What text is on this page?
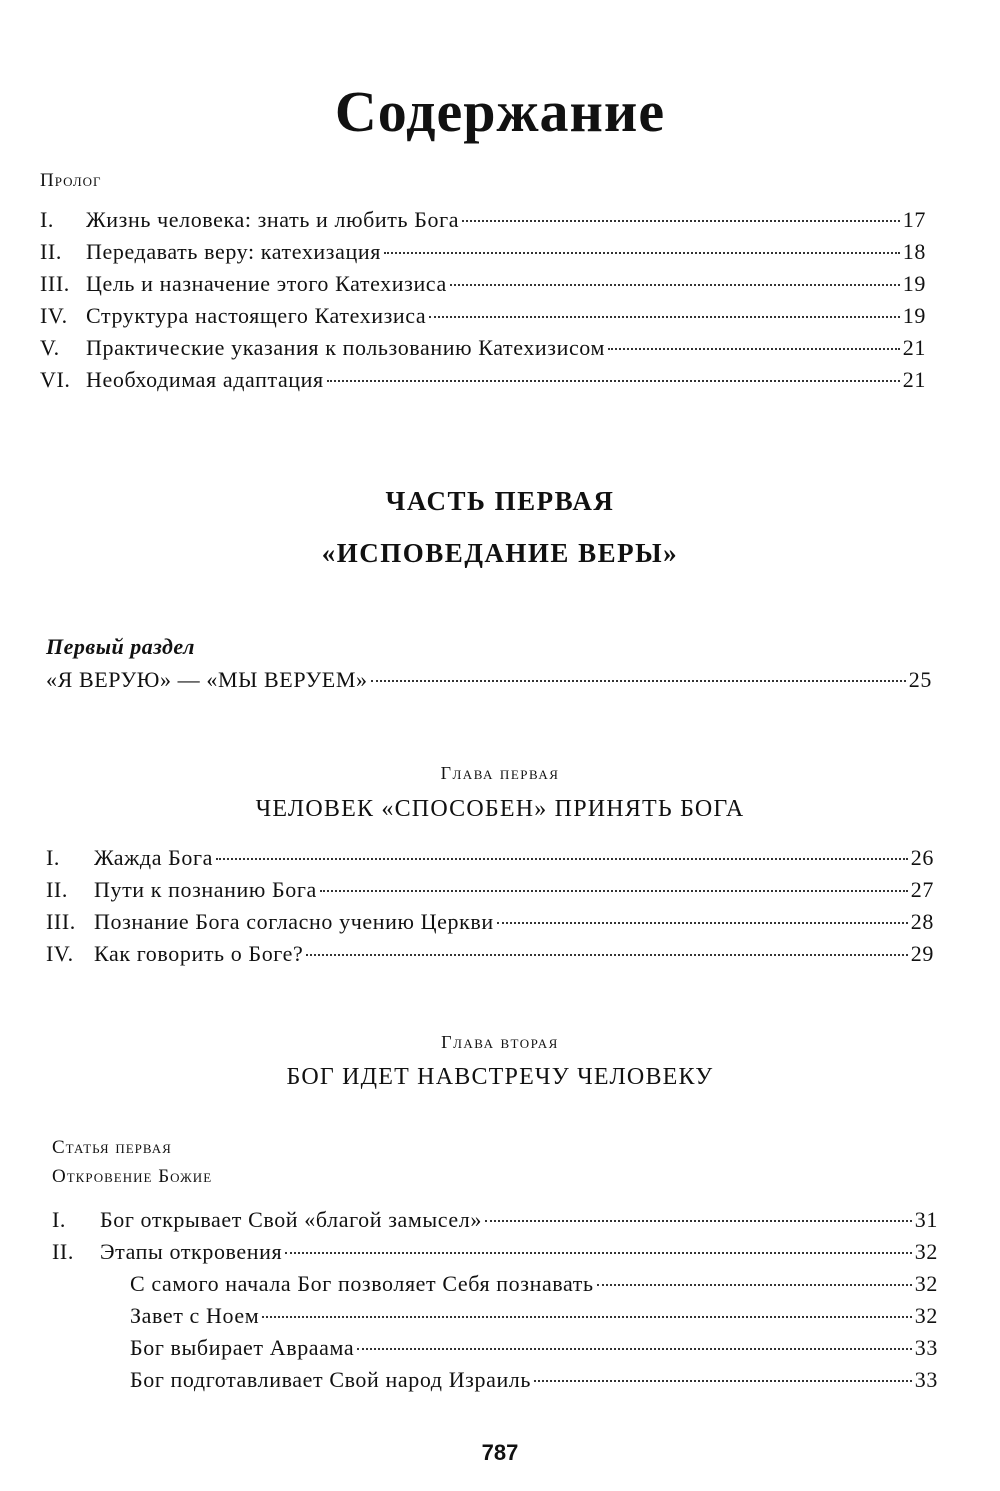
Содержание
Пролог
I.	Жизнь человека: знать и любить Бога	17
II.	Передавать веру: катехизация	18
III. Цель и назначение этого Катехизиса	19
IV. Структура настоящего Катехизиса	19
V.	Практические указания к пользованию Катехизисом	21
VI. Необходимая адаптация	21
ЧАСТЬ ПЕРВАЯ
«ИСПОВЕДАНИЕ ВЕРЫ»
Первый раздел
«Я ВЕРУЮ» — «МЫ ВЕРУЕМ»	25
Глава первая
ЧЕЛОВЕК «СПОСОБЕН» ПРИНЯТЬ БОГА
I.	Жажда Бога	26
II.	Пути к познанию Бога	27
III. Познание Бога согласно учению Церкви	28
IV. Как говорить о Боге?	29
Глава вторая
БОГ ИДЕТ НАВСТРЕЧУ ЧЕЛОВЕКУ
Статья первая
Откровение Божие
I.	Бог открывает Свой «благой замысел»	31
II.	Этапы откровения	32
С самого начала Бог позволяет Себя познавать	32
Завет с Ноем	32
Бог выбирает Авраама	33
Бог подготавливает Свой народ Израиль	33
787
